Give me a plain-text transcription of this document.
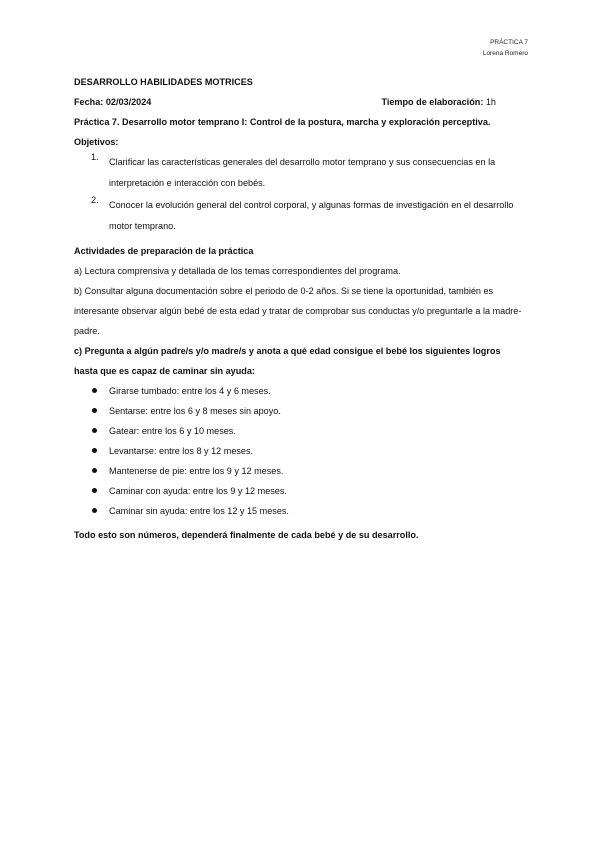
PRÁCTICA 7
Lorena Romero

DESARROLLO HABILIDADES MOTRICES

Fecha: 02/03/2024	Tiempo de elaboración: 1h

Práctica 7. Desarrollo motor temprano I: Control de la postura, marcha y exploración perceptiva.

Objetivos:

1. Clarificar las características generales del desarrollo motor temprano y sus consecuencias en la interpretación e interacción con bebés.
2. Conocer la evolución general del control corporal, y algunas formas de investigación en el desarrollo motor temprano.

Actividades de preparación de la práctica

a) Lectura comprensiva y detallada de los temas correspondientes del programa.

b) Consultar alguna documentación sobre el periodo de 0-2 años. Si se tiene la oportunidad, también es interesante observar algún bebé de esta edad y tratar de comprobar sus conductas y/o preguntarle a la madre-padre.

c) Pregunta a algún padre/s y/o madre/s y anota a qué edad consigue el bebé los siguientes logros hasta que es capaz de caminar sin ayuda:

Girarse tumbado: entre los 4 y 6 meses.
Sentarse: entre los 6 y 8 meses sin apoyo.
Gatear: entre los 6 y 10 meses.
Levantarse: entre los 8 y 12 meses.
Mantenerse de pie: entre los 9 y 12 meses.
Caminar con ayuda: entre los 9 y 12 meses.
Caminar sin ayuda: entre los 12 y 15 meses.

Todo esto son números, dependerá finalmente de cada bebé y de su desarrollo.
